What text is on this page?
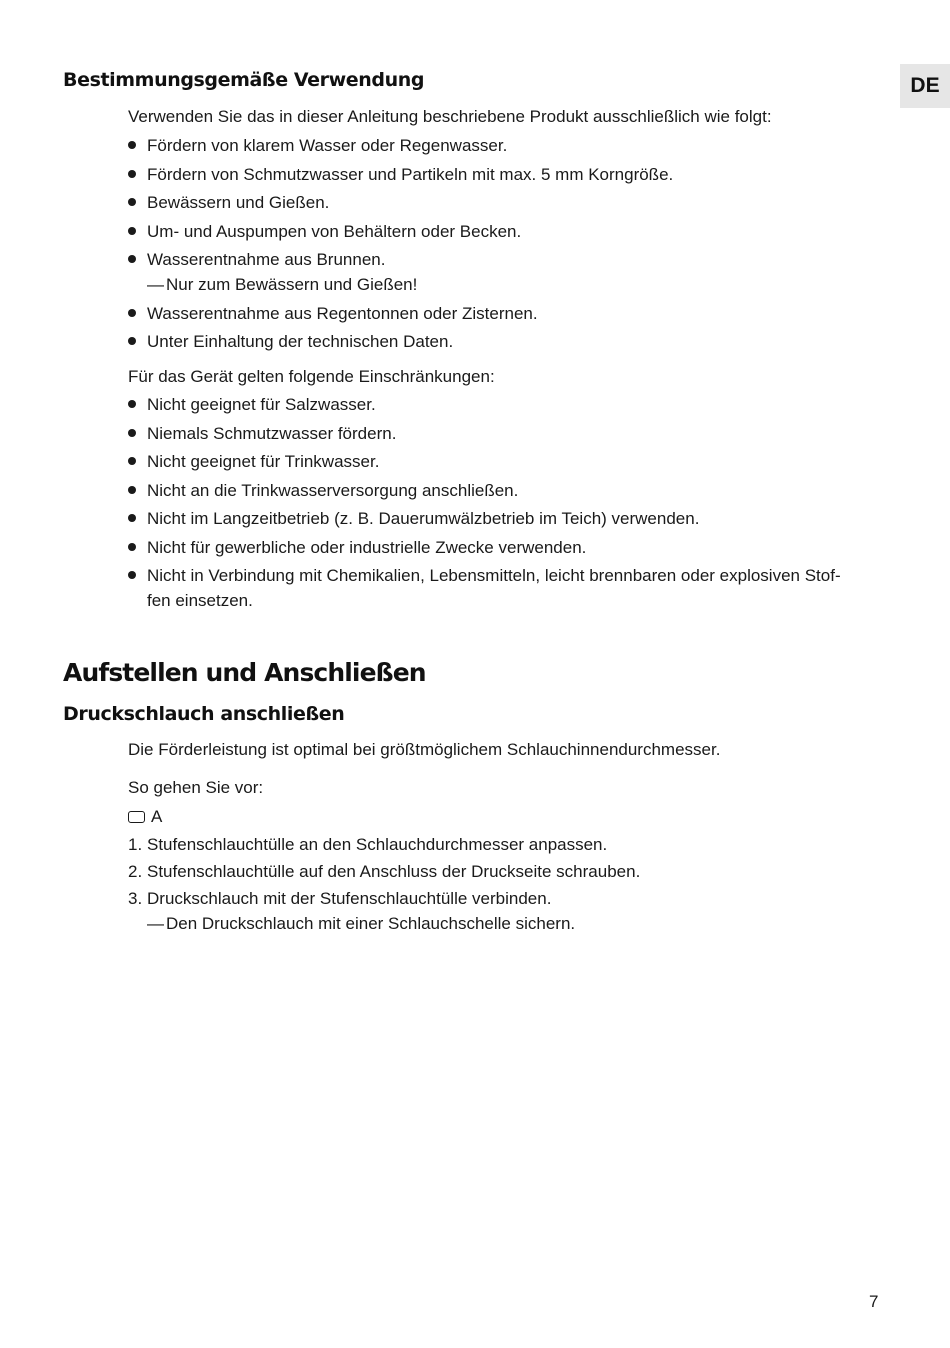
DE
Bestimmungsgemäße Verwendung
Verwenden Sie das in dieser Anleitung beschriebene Produkt ausschließlich wie folgt:
Fördern von klarem Wasser oder Regenwasser.
Fördern von Schmutzwasser und Partikeln mit max. 5 mm Korngröße.
Bewässern und Gießen.
Um- und Auspumpen von Behältern oder Becken.
Wasserentnahme aus Brunnen.
— Nur zum Bewässern und Gießen!
Wasserentnahme aus Regentonnen oder Zisternen.
Unter Einhaltung der technischen Daten.
Für das Gerät gelten folgende Einschränkungen:
Nicht geeignet für Salzwasser.
Niemals Schmutzwasser fördern.
Nicht geeignet für Trinkwasser.
Nicht an die Trinkwasserversorgung anschließen.
Nicht im Langzeitbetrieb (z. B. Dauerumwälzbetrieb im Teich) verwenden.
Nicht für gewerbliche oder industrielle Zwecke verwenden.
Nicht in Verbindung mit Chemikalien, Lebensmitteln, leicht brennbaren oder explosiven Stof-
fen einsetzen.
Aufstellen und Anschließen
Druckschlauch anschließen
Die Förderleistung ist optimal bei größtmöglichem Schlauchinnendurchmesser.
So gehen Sie vor:
A
1. Stufenschlauchtülle an den Schlauchdurchmesser anpassen.
2. Stufenschlauchtülle auf den Anschluss der Druckseite schrauben.
3. Druckschlauch mit der Stufenschlauchtülle verbinden.
— Den Druckschlauch mit einer Schlauchschelle sichern.
7
